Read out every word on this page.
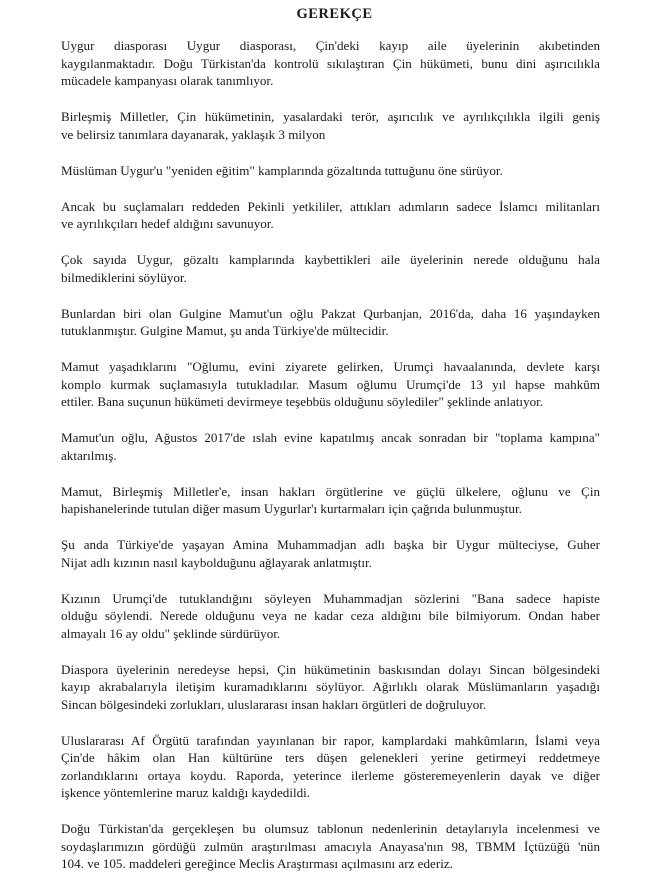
GEREKÇE
Uygur diasporası Uygur diasporası, Çin'deki kayıp aile üyelerinin akıbetinden
kaygılanmaktadır. Doğu Türkistan'da kontrolü sıkılaştıran Çin hükümeti, bunu dini aşırıcılıkla
mücadele kampanyası olarak tanımlıyor.
Birleşmiş Milletler, Çin hükümetinin, yasalardaki terör, aşırıcılık ve ayrılıkçılıkla ilgili geniş
ve belirsiz tanımlara dayanarak, yaklaşık 3 milyon
Müslüman Uygur'u "yeniden eğitim" kamplarında gözaltında tuttuğunu öne sürüyor.
Ancak bu suçlamaları reddeden Pekinli yetkililer, attıkları adımların sadece İslamcı militanları
ve ayrılıkçıları hedef aldığını savunuyor.
Çok sayıda Uygur, gözaltı kamplarında kaybettikleri aile üyelerinin nerede olduğunu hala
bilmediklerini söylüyor.
Bunlardan biri olan Gulgine Mamut'un oğlu Pakzat Qurbanjan, 2016'da, daha 16 yaşındayken
tutuklanmıştır. Gulgine Mamut, şu anda Türkiye'de mültecidir.
Mamut yaşadıklarını "Oğlumu, evini ziyarete gelirken, Urumçi havaalanında, devlete karşı
komplo kurmak suçlamasıyla tutukladılar. Masum oğlumu Urumçi'de 13 yıl hapse mahkûm
ettiler. Bana suçunun hükümeti devirmeye teşebbüs olduğunu söylediler" şeklinde anlatıyor.
Mamut'un oğlu, Ağustos 2017'de ıslah evine kapatılmış ancak sonradan bir "toplama kampına"
aktarılmış.
Mamut, Birleşmiş Milletler'e, insan hakları örgütlerine ve güçlü ülkelere, oğlunu ve Çin
hapishanelerinde tutulan diğer masum Uygurlar'ı kurtarmaları için çağrıda bulunmuştur.
Şu anda Türkiye'de yaşayan Amina Muhammadjan adlı başka bir Uygur mülteciyse, Guher
Nijat adlı kızının nasıl kaybolduğunu ağlayarak anlatmıştır.
Kızının Urumçi'de tutuklandığını söyleyen Muhammadjan sözlerini "Bana sadece hapiste
olduğu söylendi. Nerede olduğunu veya ne kadar ceza aldığını bile bilmiyorum. Ondan haber
almayalı 16 ay oldu" şeklinde sürdürüyor.
Diaspora üyelerinin neredeyse hepsi, Çin hükümetinin baskısından dolayı Sincan bölgesindeki
kayıp akrabalarıyla iletişim kuramadıklarını söylüyor. Ağırlıklı olarak Müslümanların yaşadığı
Sincan bölgesindeki zorlukları, uluslararası insan hakları örgütleri de doğruluyor.
Uluslararası Af Örgütü tarafından yayınlanan bir rapor, kamplardaki mahkûmların, İslami veya
Çin'de hâkim olan Han kültürüne ters düşen gelenekleri yerine getirmeyi reddetmeye
zorlandıklarını ortaya koydu. Raporda, yeterince ilerleme gösteremeyenlerin dayak ve diğer
işkence yöntemlerine maruz kaldığı kaydedildi.
Doğu Türkistan'da gerçekleşen bu olumsuz tablonun nedenlerinin detaylarıyla incelenmesi ve
soydaşlarımızın gördüğü zulmün araştırılması amacıyla Anayasa'nın 98, TBMM İçtüzüğü 'nün
104. ve 105. maddeleri gereğince Meclis Araştırması açılmasını arz ederiz.
